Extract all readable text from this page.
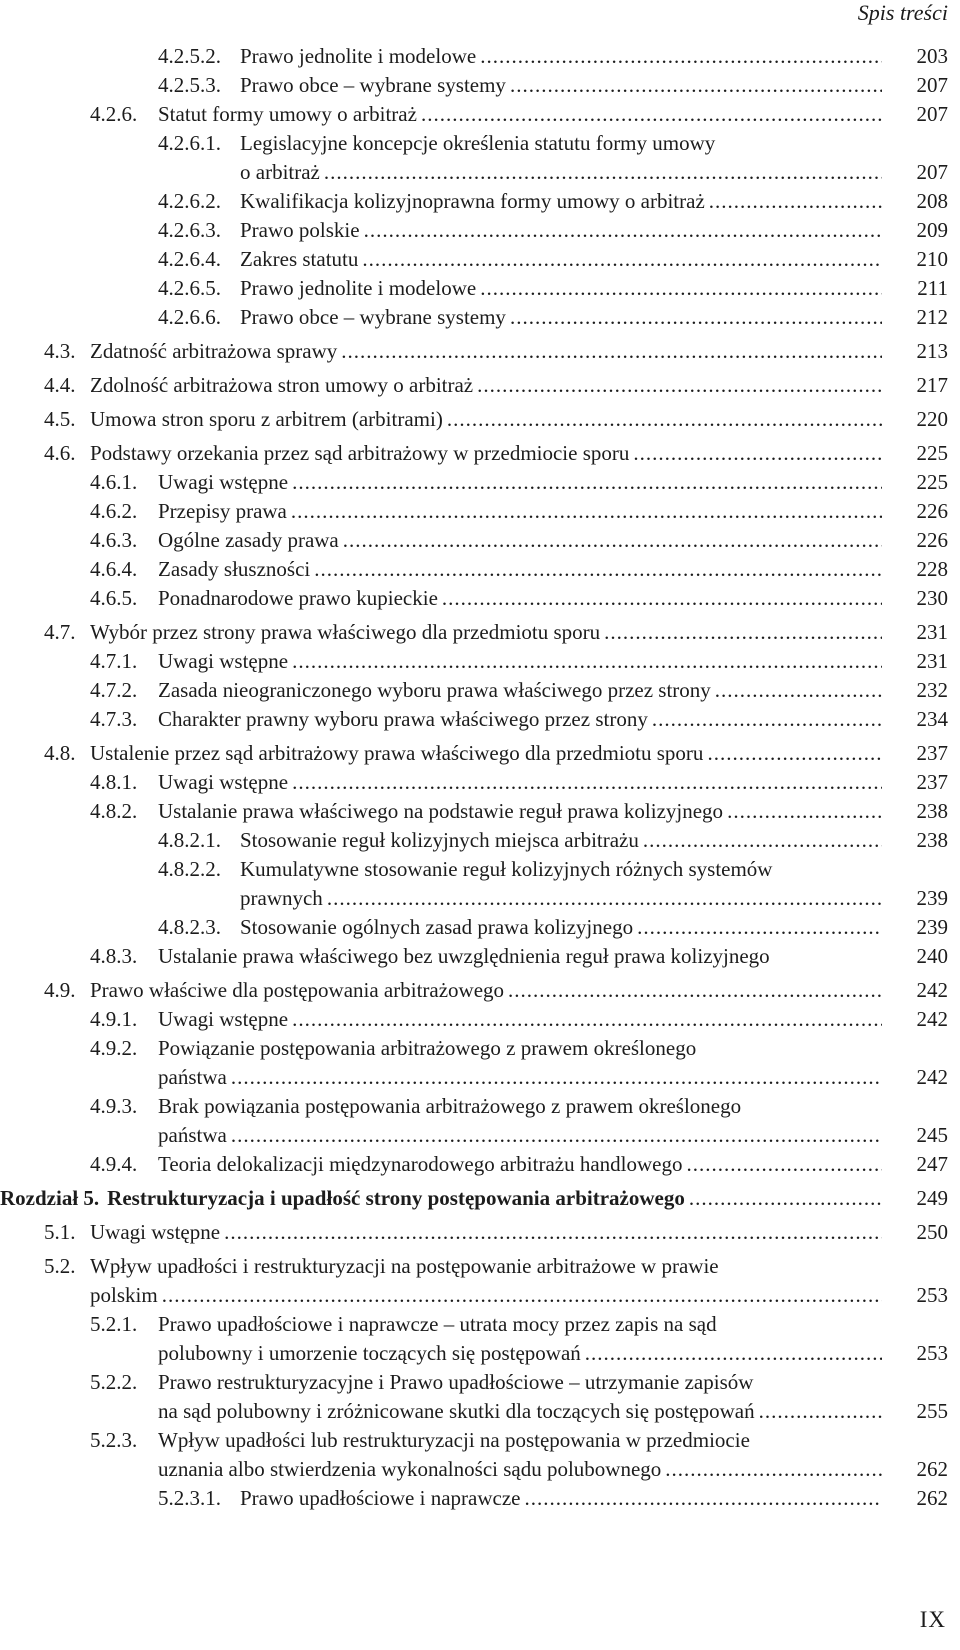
Spis treści
4.2.5.2. Prawo jednolite i modelowe .....	203
4.2.5.3. Prawo obce – wybrane systemy .....	207
4.2.6. Statut formy umowy o arbitraż .....	207
4.2.6.1. Legislacyjne koncepcje określenia statutu formy umowy
o arbitraż .....	207
4.2.6.2. Kwalifikacja kolizyjnoprawna formy umowy o arbitraż .....	208
4.2.6.3. Prawo polskie .....	209
4.2.6.4. Zakres statutu .....	210
4.2.6.5. Prawo jednolite i modelowe .....	211
4.2.6.6. Prawo obce – wybrane systemy .....	212
4.3. Zdatność arbitrażowa sprawy .....	213
4.4. Zdolność arbitrażowa stron umowy o arbitraż .....	217
4.5. Umowa stron sporu z arbitrem (arbitrami) .....	220
4.6. Podstawy orzekania przez sąd arbitrażowy w przedmiocie sporu .....	225
4.6.1. Uwagi wstępne .....	225
4.6.2. Przepisy prawa .....	226
4.6.3. Ogólne zasady prawa .....	226
4.6.4. Zasady słuszności .....	228
4.6.5. Ponadnarodowe prawo kupieckie .....	230
4.7. Wybór przez strony prawa właściwego dla przedmiotu sporu .....	231
4.7.1. Uwagi wstępne .....	231
4.7.2. Zasada nieograniczonego wyboru prawa właściwego przez strony .....	232
4.7.3. Charakter prawny wyboru prawa właściwego przez strony .....	234
4.8. Ustalenie przez sąd arbitrażowy prawa właściwego dla przedmiotu sporu .....	237
4.8.1. Uwagi wstępne .....	237
4.8.2. Ustalanie prawa właściwego na podstawie reguł prawa kolizyjnego .....	238
4.8.2.1. Stosowanie reguł kolizyjnych miejsca arbitrażu .....	238
4.8.2.2. Kumulatywne stosowanie reguł kolizyjnych różnych systemów
prawnych .....	239
4.8.2.3. Stosowanie ogólnych zasad prawa kolizyjnego .....	239
4.8.3. Ustalanie prawa właściwego bez uwzględnienia reguł prawa kolizyjnego	240
4.9. Prawo właściwe dla postępowania arbitrażowego .....	242
4.9.1. Uwagi wstępne .....	242
4.9.2. Powiązanie postępowania arbitrażowego z prawem określonego
państwa .....	242
4.9.3. Brak powiązania postępowania arbitrażowego z prawem określonego
państwa .....	245
4.9.4. Teoria delokalizacji międzynarodowego arbitrażu handlowego .....	247
Rozdział 5. Restrukturyzacja i upadłość strony postępowania arbitrażowego .....	249
5.1. Uwagi wstępne .....	250
5.2. Wpływ upadłości i restrukturyzacji na postępowanie arbitrażowe w prawie
polskim .....	253
5.2.1. Prawo upadłościowe i naprawcze – utrata mocy przez zapis na sąd
polubowny i umorzenie toczących się postępowań .....	253
5.2.2. Prawo restrukturyzacyjne i Prawo upadłościowe – utrzymanie zapisów
na sąd polubowny i zróżnicowane skutki dla toczących się postępowań .....	255
5.2.3. Wpływ upadłości lub restrukturyzacji na postępowania w przedmiocie
uznania albo stwierdzenia wykonalności sądu polubownego .....	262
5.2.3.1. Prawo upadłościowe i naprawcze .....	262
IX
